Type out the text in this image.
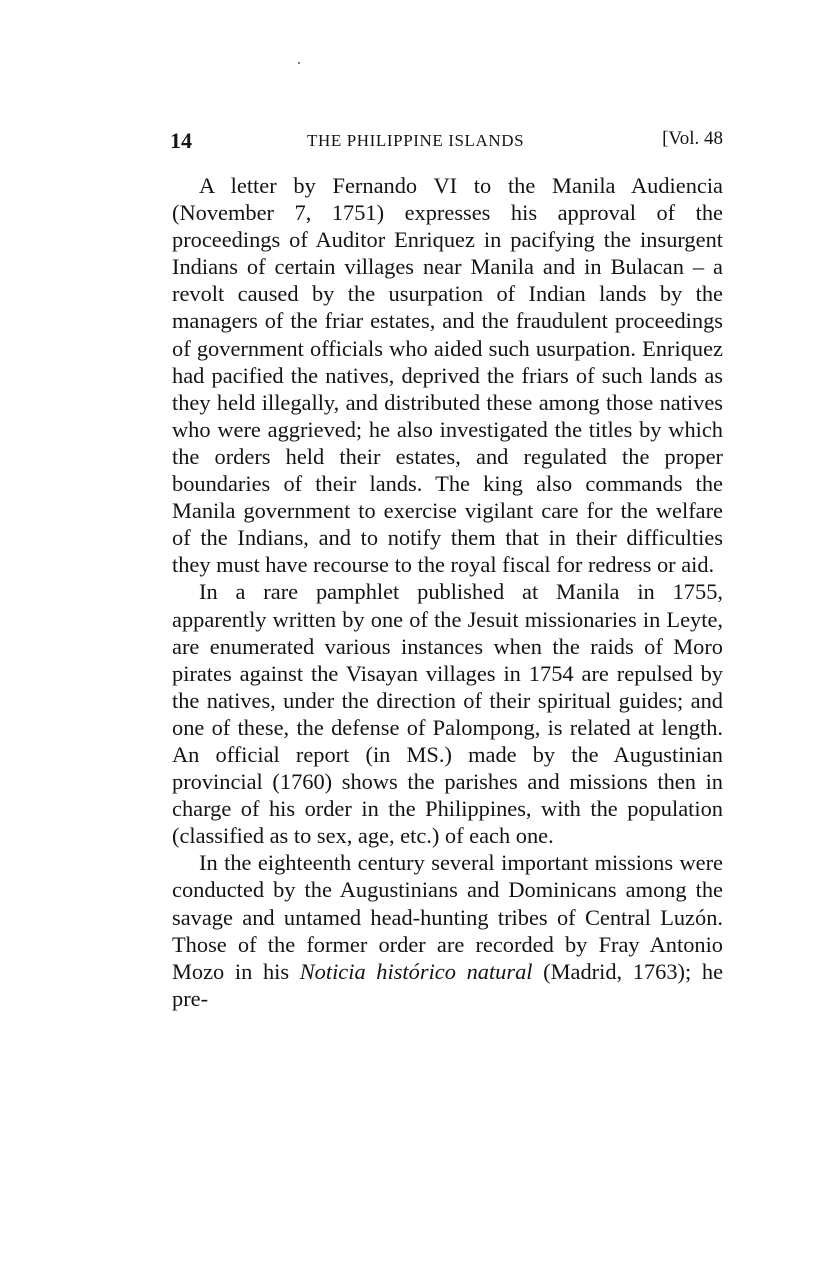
14	THE PHILIPPINE ISLANDS	[Vol. 48

A letter by Fernando VI to the Manila Audiencia (November 7, 1751) expresses his approval of the proceedings of Auditor Enriquez in pacifying the insurgent Indians of certain villages near Manila and in Bulacan – a revolt caused by the usurpation of Indian lands by the managers of the friar estates, and the fraudulent proceedings of government officials who aided such usurpation. Enriquez had pacified the natives, deprived the friars of such lands as they held illegally, and distributed these among those natives who were aggrieved; he also investigated the titles by which the orders held their estates, and regulated the proper boundaries of their lands. The king also commands the Manila government to exercise vigilant care for the welfare of the Indians, and to notify them that in their difficulties they must have recourse to the royal fiscal for redress or aid.

In a rare pamphlet published at Manila in 1755, apparently written by one of the Jesuit missionaries in Leyte, are enumerated various instances when the raids of Moro pirates against the Visayan villages in 1754 are repulsed by the natives, under the direction of their spiritual guides; and one of these, the defense of Palompong, is related at length. An official report (in MS.) made by the Augustinian provincial (1760) shows the parishes and missions then in charge of his order in the Philippines, with the population (classified as to sex, age, etc.) of each one.

In the eighteenth century several important missions were conducted by the Augustinians and Dominicans among the savage and untamed head-hunting tribes of Central Luzón. Those of the former order are recorded by Fray Antonio Mozo in his Noticia histórico natural (Madrid, 1763); he pre-
